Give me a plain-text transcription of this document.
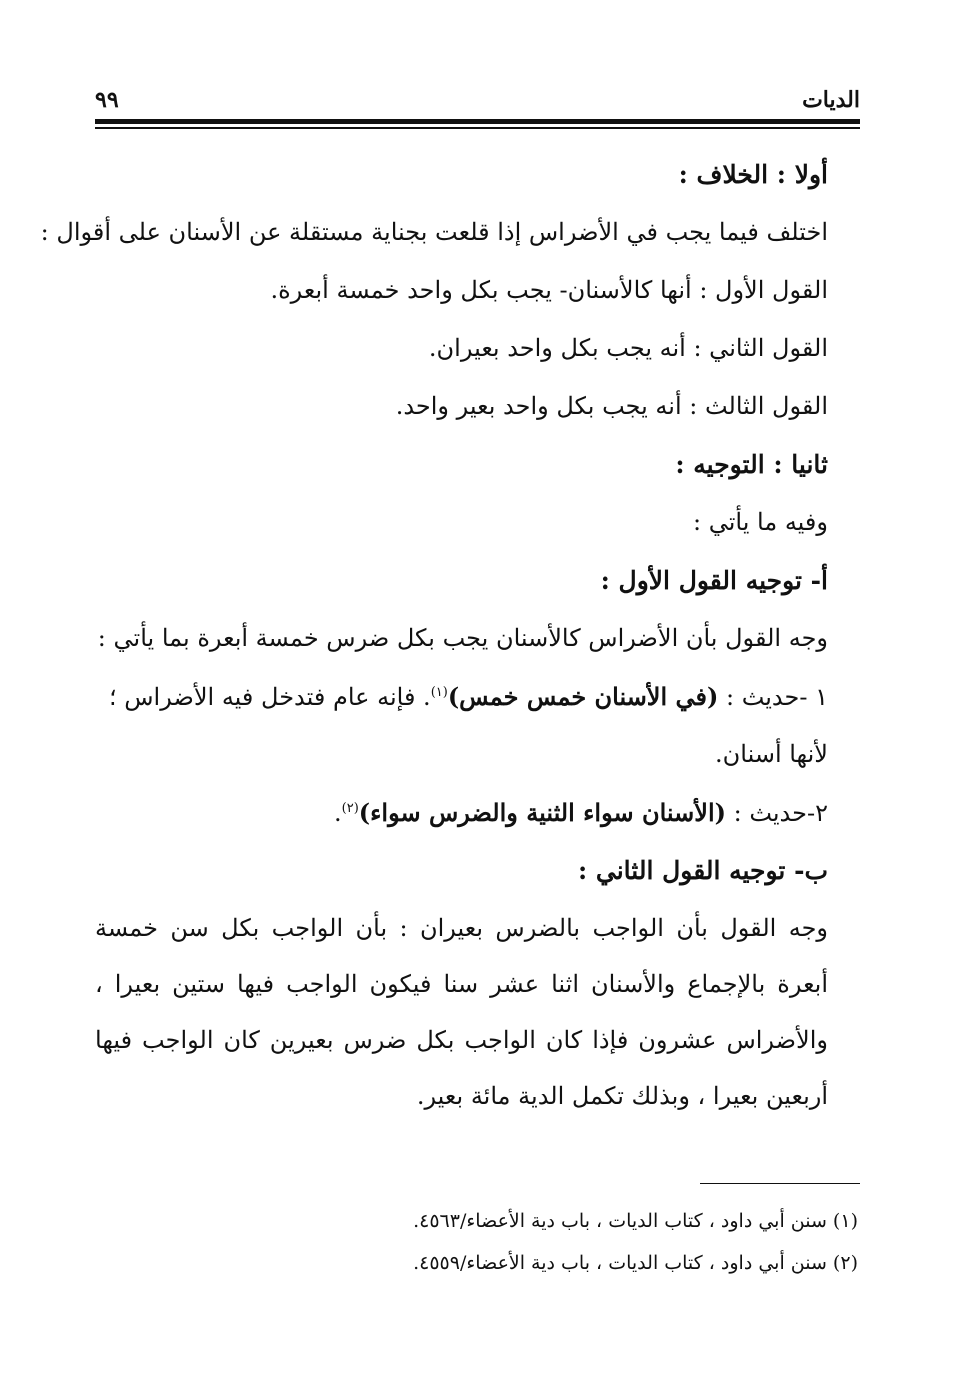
الديات
٩٩
أولا : الخلاف :
اختلف فيما يجب في الأضراس إذا قلعت بجناية مستقلة عن الأسنان على أقوال :
القول الأول : أنها كالأسنان- يجب بكل واحد خمسة أبعرة.
القول الثاني : أنه يجب بكل واحد بعيران.
القول الثالث : أنه يجب بكل واحد بعير واحد.
ثانيا : التوجيه :
وفيه ما يأتي :
أ- توجيه القول الأول :
وجه القول بأن الأضراس كالأسنان يجب بكل ضرس خمسة أبعرة بما يأتي :
١ -حديث : (في الأسنان خمس خمس)$^{(١)}$. فإنه عام فتدخل فيه الأضراس ؛
لأنها أسنان.
٢-حديث : (الأسنان سواء الثنية والضرس سواء)$^{(٢)}$.
ب- توجيه القول الثاني :
وجه القول بأن الواجب بالضرس بعيران : بأن الواجب بكل سن خمسة
أبعرة بالإجماع والأسنان اثنا عشر سنا فيكون الواجب فيها ستين بعيرا ،
والأضراس عشرون فإذا كان الواجب بكل ضرس بعيرين كان الواجب فيها
أربعين بعيرا ، وبذلك تكمل الدية مائة بعير.
(١) سنن أبي داود ، كتاب الديات ، باب دية الأعضاء/٤٥٦٣.
(٢) سنن أبي داود ، كتاب الديات ، باب دية الأعضاء/٤٥٥٩.
